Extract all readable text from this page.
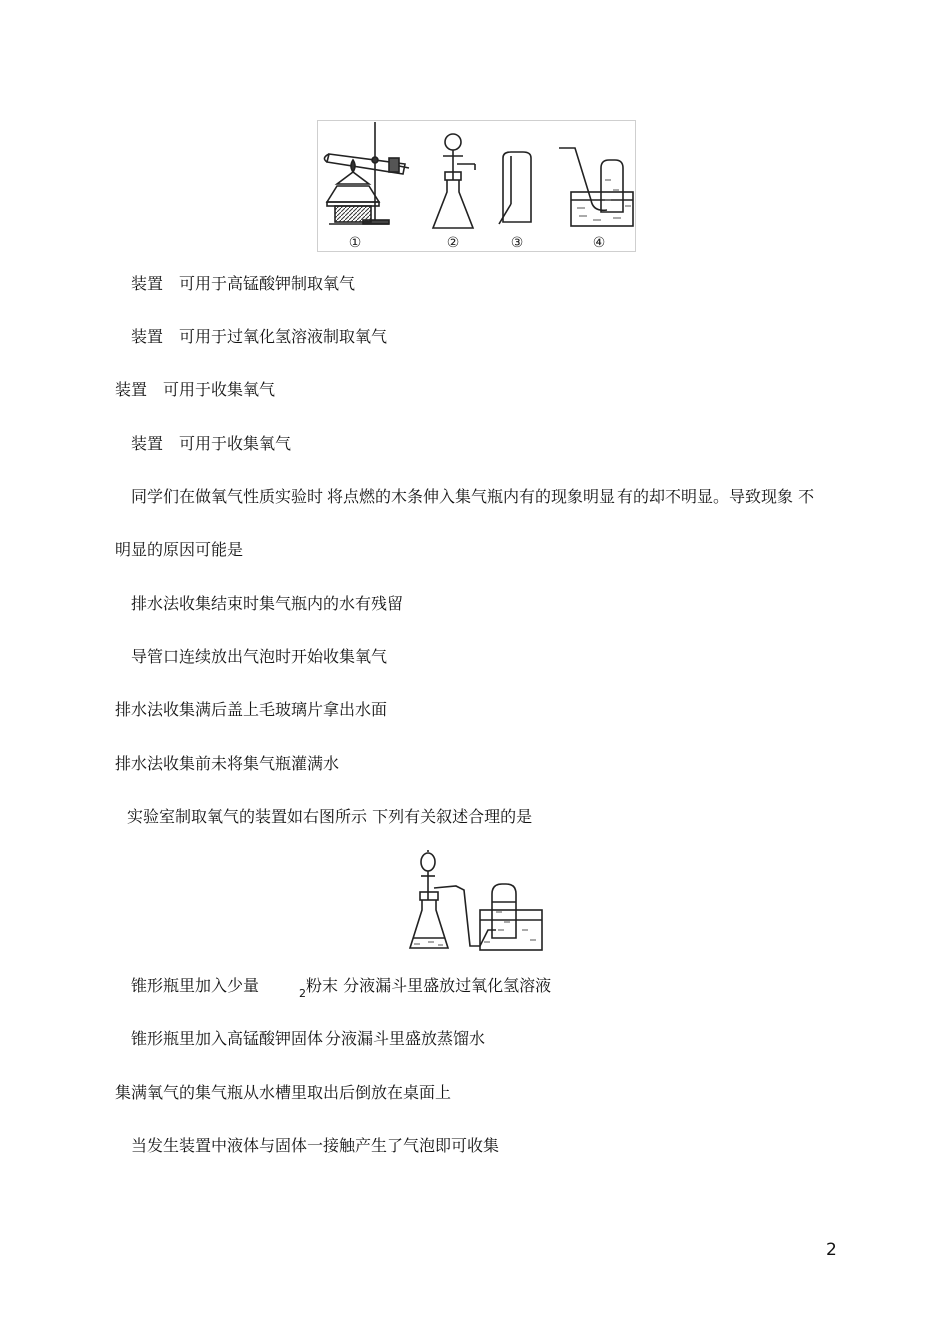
①	②	③	④
装置　可用于高锰酸钾制取氧气
装置　可用于过氧化氢溶液制取氧气
装置　可用于收集氧气
装置　可用于收集氧气
同学们在做氧气性质实验时 将点燃的木条伸入集气瓶内 有的现象明显 有的却不明显。导致现象 不
明显的原因可能是
排水法收集结束时集气瓶内的水有残留
导管口连续放出气泡时开始收集氧气
排水法收集满后盖上毛玻璃片拿出水面
排水法收集前未将集气瓶灌满水
实验室制取氧气的装置如右图所示 下列有关叙述合理的是
锥形瓶里加入少量	$_2$粉末 分液漏斗里盛放过氧化氢溶液
锥形瓶里加入高锰酸钾固体 分液漏斗里盛放蒸馏水
集满氧气的集气瓶从水槽里取出后倒放在桌面上
当发生装置中液体与固体一接触产生了气泡即可收集
2
